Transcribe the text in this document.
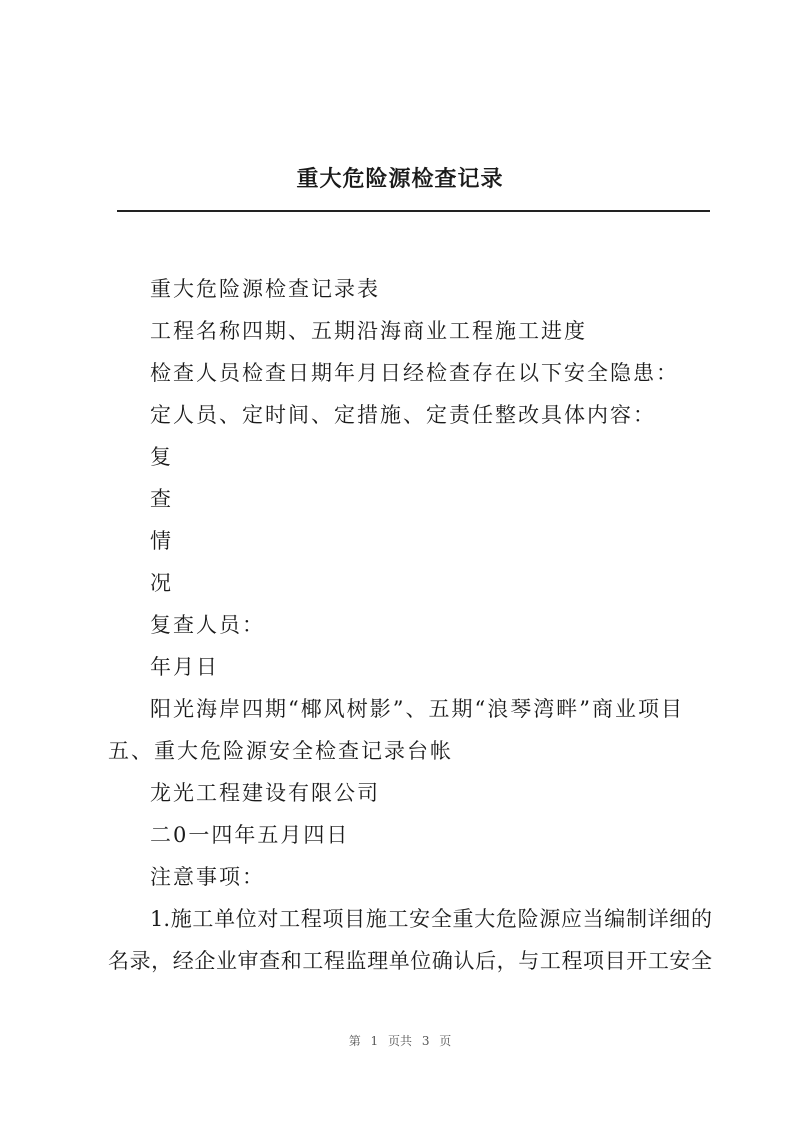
重大危险源检查记录

重大危险源检查记录表

工程名称四期、五期沿海商业工程施工进度

检查人员检查日期年月日经检查存在以下安全隐患：

定人员、定时间、定措施、定责任整改具体内容：

复

查

情

况

复查人员：

年月日

阳光海岸四期“椰风树影”、五期“浪琴湾畔”商业项目

五、重大危险源安全检查记录台帐

龙光工程建设有限公司

二0一四年五月四日

注意事项：

1.施工单位对工程项目施工安全重大危险源应当编制详细的

名录，经企业审查和工程监理单位确认后，与工程项目开工安全

第 1 页共 3 页
